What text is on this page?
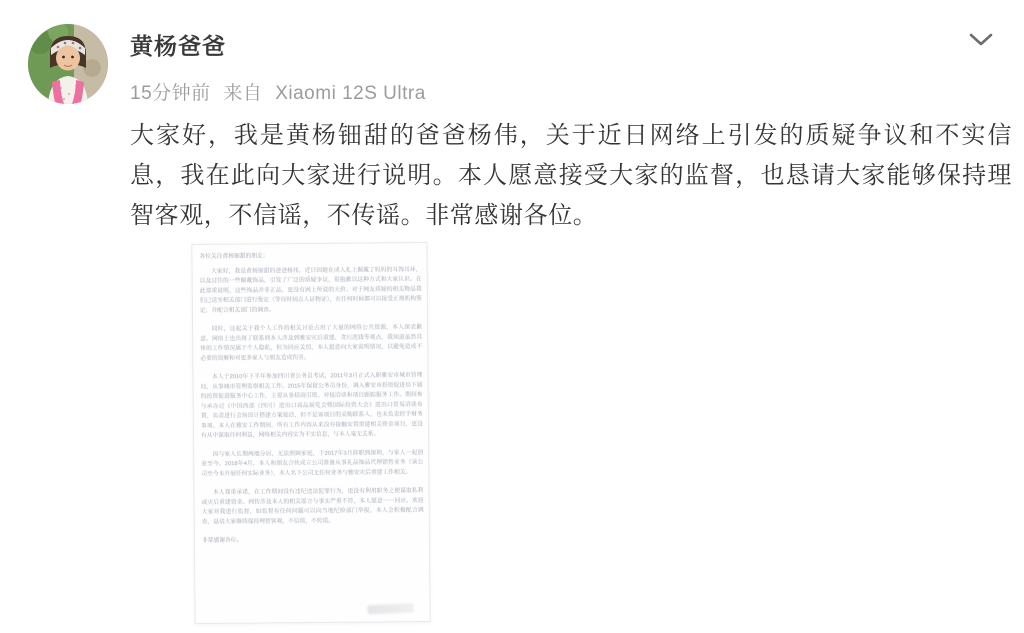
黄杨爸爸
15分钟前 来自 Xiaomi 12S Ultra
大家好，我是黄杨钿甜的爸爸杨伟，关于近日网络上引发的质疑争议和不实信息，我在此向大家进行说明。本人愿意接受大家的监督，也恳请大家能够保持理智客观，不信谣，不传谣。非常感谢各位。

各位关注黄杨钿甜的朋友：

大家好，我是黄杨钿甜的爸爸杨伟，近日因她在成人礼上佩戴了妈妈的耳饰耳环，以及过往的一些佩戴饰品，引发了广泛的质疑争议，很抱歉以这种方式和大家认识。在此郑重说明，这些饰品并非正品，更没有网上所说的天价。对于网友质疑的相关物品我们已送至相关部门进行鉴定（等待时间点人证物证），在任何时候都可以接受正规机构鉴定，并配合相关部门的调查。

同时，这起关于我个人工作的相关讨论占用了大量的网络公共资源，本人深表歉意。网络上也出现了联系到本人涉及到雅安灾后重建、贪污洗钱等观点，我知道虽然具体的工作情况属于个人隐私，但为回应关切，本人愿意向大家说明情况，以避免造成不必要的误解和对更多家人与朋友造成伤害。

本人于2010年下半年参加四川省公务员考试，2011年3月正式入职雅安市城市管理局，从事城市管理监察相关工作。2015年保留公务员身份，调入雅安市投资促进局下属的投资促进服务中心工作，主要从事招商引资、对接洽谈和项目跟踪服务工作。期间参与承办过《中国西部（四川）进出口商品展览会暨国际投资大会》进出口贸易洽谈布置，负责进行会场设计搭建方案接洽，但不是该项目的采购联系人，也未负责经手财务事项。本人在雅安工作期间，所有工作内容从来没有接触安置重建相关资金项目，更没有从中谋取任何利益，网络相关内容实为不实信息，与本人毫无关系。

因与家人长期两地分居，无法照顾家庭，于2017年3月辞职到深圳，与家人一起创业至今。2018年4月，本人和朋友合伙成立公司准备从事礼品饰品代理销售业务（该公司至今未开展任何实际业务），本人名下公司无任何业务与雅安灾后重建工作相关。

本人郑重承诺，在工作期间没有违纪违法犯罪行为，更没有利用职务之便谋取私利或灾后重建资金。网传涉及本人的相关谣言与事实严重不符，本人愿意一一回应。欢迎大家对我进行监督，如监督有任何问题可以向当地纪检部门举报，本人会积极配合调查，恳请大家继续保持理智客观，不信谣，不传谣。

非常感谢各位。
